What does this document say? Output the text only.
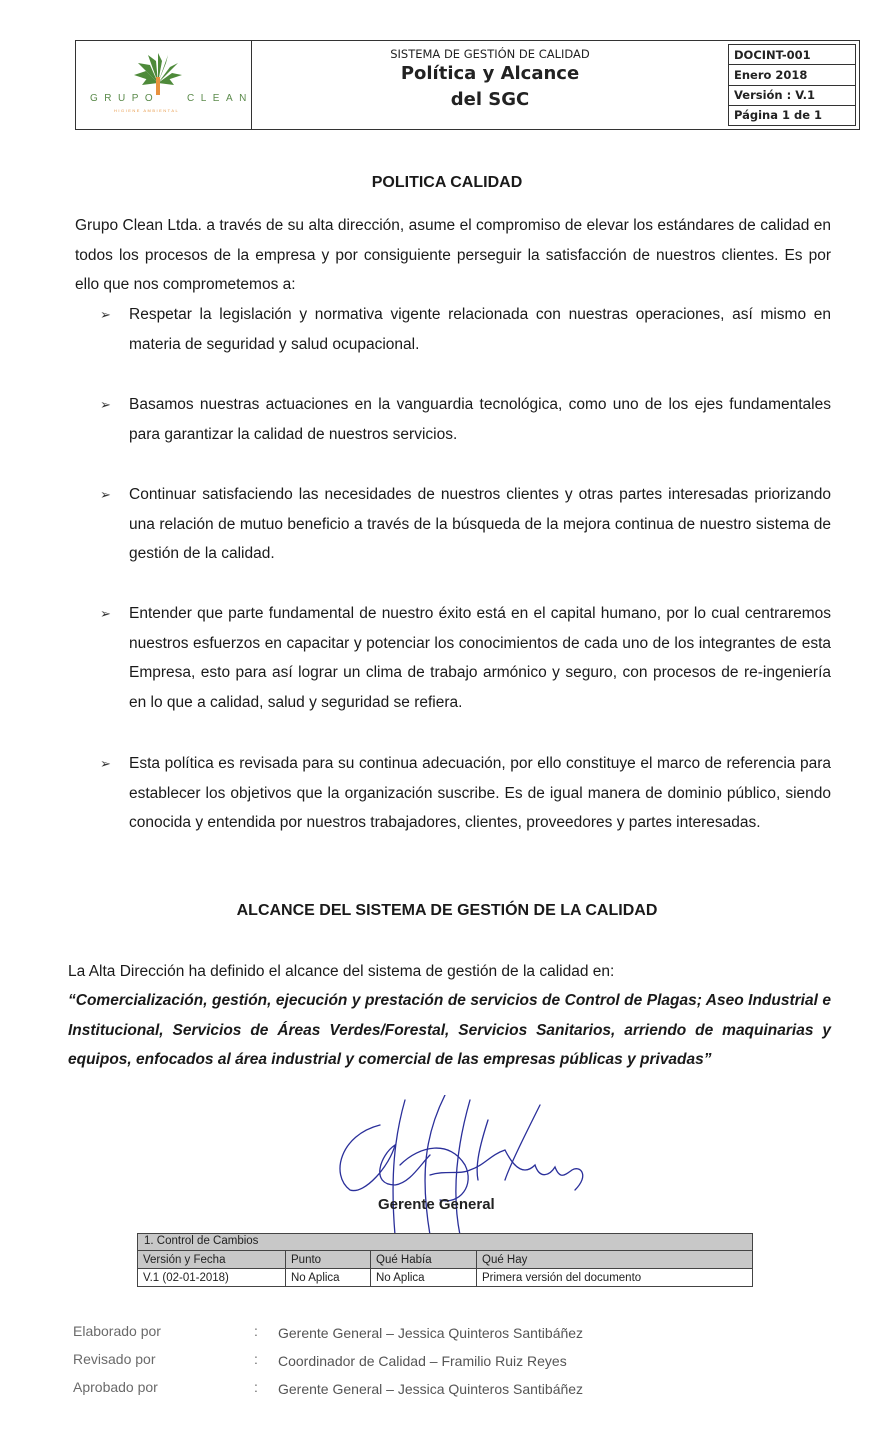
GRUPO	CLEAN
HIGIENE AMBIENTAL
SISTEMA DE GESTIÓN DE CALIDAD
Política y Alcance
del SGC
DOCINT-001
Enero 2018
Versión : V.1
Página 1 de 1
POLITICA CALIDAD

Grupo Clean Ltda. a través de su alta dirección, asume el compromiso de elevar los estándares de calidad en todos los procesos de la empresa y por consiguiente perseguir la satisfacción de nuestros clientes. Es por ello que nos comprometemos a:

➢ Respetar la legislación y normativa vigente relacionada con nuestras operaciones, así mismo en materia de seguridad y salud ocupacional.
➢ Basamos nuestras actuaciones en la vanguardia tecnológica, como uno de los ejes fundamentales para garantizar la calidad de nuestros servicios.
➢ Continuar satisfaciendo las necesidades de nuestros clientes y otras partes interesadas priorizando una relación de mutuo beneficio a través de la búsqueda de la mejora continua de nuestro sistema de gestión de la calidad.
➢ Entender que parte fundamental de nuestro éxito está en el capital humano, por lo cual centraremos nuestros esfuerzos en capacitar y potenciar los conocimientos de cada uno de los integrantes de esta Empresa, esto para así lograr un clima de trabajo armónico y seguro, con procesos de re-ingeniería en lo que a calidad, salud y seguridad se refiera.
➢ Esta política es revisada para su continua adecuación, por ello constituye el marco de referencia para establecer los objetivos que la organización suscribe. Es de igual manera de dominio público, siendo conocida y entendida por nuestros trabajadores, clientes, proveedores y partes interesadas.
ALCANCE DEL SISTEMA DE GESTIÓN DE LA CALIDAD

La Alta Dirección ha definido el alcance del sistema de gestión de la calidad en:

“Comercialización, gestión, ejecución y prestación de servicios de Control de Plagas; Aseo Industrial e Institucional, Servicios de Áreas Verdes/Forestal, Servicios Sanitarios, arriendo de maquinarias y equipos, enfocados al área industrial y comercial de las empresas públicas y privadas”

Gerente General
1. Control de Cambios
Versión y Fecha	Punto	Qué Había	Qué Hay
V.1 (02-01-2018)	No Aplica	No Aplica	Primera versión del documento
Elaborado por	: Gerente General – Jessica Quinteros Santibáñez
Revisado por	: Coordinador de Calidad – Framilio Ruiz Reyes
Aprobado por	: Gerente General – Jessica Quinteros Santibáñez
